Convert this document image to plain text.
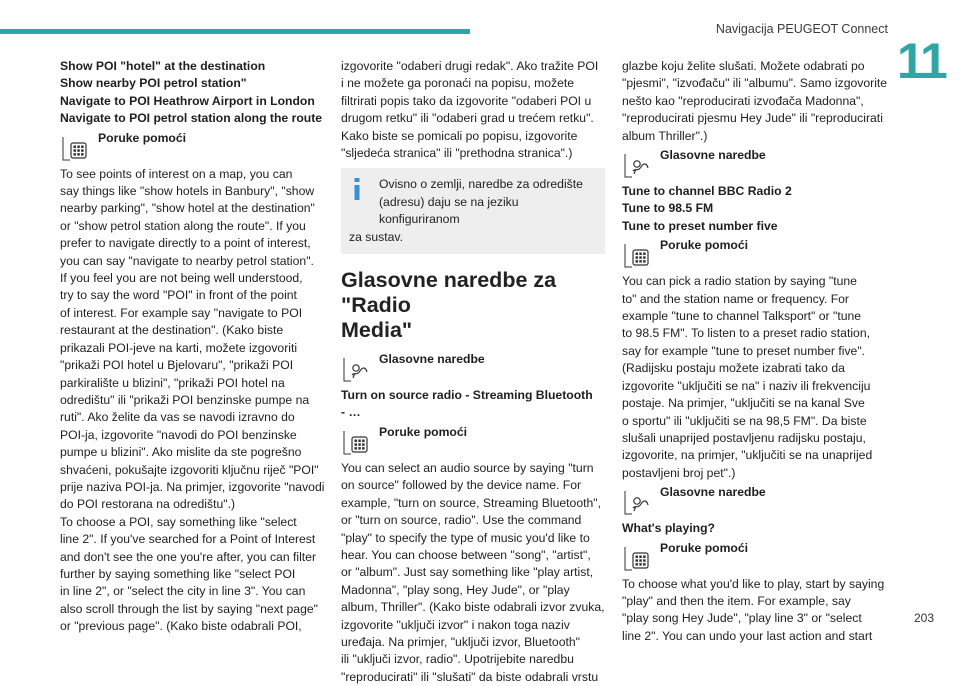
Navigacija PEUGEOT Connect
11
203

Show POI "hotel" at the destination

Show nearby POI petrol station"

Navigate to POI Heathrow Airport in London

Navigate to POI petrol station along the route

Poruke pomoći

To see points of interest on a map, you can

say things like "show hotels in Banbury", "show

nearby parking", "show hotel at the destination"

or "show petrol station along the route". If you

prefer to navigate directly to a point of interest,

you can say "navigate to nearby petrol station".

If you feel you are not being well understood,

try to say the word "POI" in front of the point

of interest. For example say "navigate to POI

restaurant at the destination". (Kako biste

prikazali POI-jeve na karti, možete izgovoriti

"prikaži POI hotel u Bjelovaru", "prikaži POI

parkiralište u blizini", "prikaži POI hotel na

odredištu" ili "prikaži POI benzinske pumpe na

ruti". Ako želite da vas se navodi izravno do

POI-ja, izgovorite "navodi do POI benzinske

pumpe u blizini". Ako mislite da ste pogrešno

shvaćeni, pokušajte izgovoriti ključnu riječ "POI"

prije naziva POI-ja. Na primjer, izgovorite "navodi

do POI restorana na odredištu".)

To choose a POI, say something like "select

line 2". If you've searched for a Point of Interest

and don't see the one you're after, you can filter

further by saying something like "select POI

in line 2", or "select the city in line 3". You can

also scroll through the list by saying "next page"

or "previous page". (Kako biste odabrali POI,

izgovorite "odaberi drugi redak". Ako tražite POI

i ne možete ga poronaći na popisu, možete

filtrirati popis tako da izgovorite "odaberi POI u

drugom retku" ili "odaberi grad u trećem retku".

Kako biste se pomicali po popisu, izgovorite

"sljedeća stranica" ili "prethodna stranica".)

Ovisno o zemlji, naredbe za odredište

(adresu) daju se na jeziku konfiguriranom

za sustav.

Glasovne naredbe za "Radio
Media"
Glasovne naredbe

Turn on source radio - Streaming Bluetooth

- …

Poruke pomoći

You can select an audio source by saying "turn

on source" followed by the device name. For

example, "turn on source, Streaming Bluetooth",

or "turn on source, radio". Use the command

"play" to specify the type of music you'd like to

hear. You can choose between "song", "artist",

or "album". Just say something like "play artist,

Madonna", "play song, Hey Jude", or "play

album, Thriller". (Kako biste odabrali izvor zvuka,

izgovorite "uključi izvor" i nakon toga naziv

uređaja. Na primjer, "uključi izvor, Bluetooth"

ili "uključi izvor, radio". Upotrijebite naredbu

"reproducirati" ili "slušati" da biste odabrali vrstu

glazbe koju želite slušati. Možete odabrati po

"pjesmi", "izvođaču" ili "albumu". Samo izgovorite

nešto kao "reproducirati izvođača Madonna",

"reproducirati pjesmu Hey Jude" ili "reproducirati

album Thriller".)

Glasovne naredbe

Tune to channel BBC Radio 2

Tune to 98.5 FM

Tune to preset number five

Poruke pomoći

You can pick a radio station by saying "tune

to" and the station name or frequency. For

example "tune to channel Talksport" or "tune

to 98.5 FM". To listen to a preset radio station,

say for example "tune to preset number five".

(Radijsku postaju možete izabrati tako da

izgovorite "uključiti se na" i naziv ili frekvenciju

postaje. Na primjer, "uključiti se na kanal Sve

o sportu" ili "uključiti se na 98,5 FM". Da biste

slušali unaprijed postavljenu radijsku postaju,

izgovorite, na primjer, "uključiti se na unaprijed

postavljeni broj pet".)

Glasovne naredbe

What's playing?

Poruke pomoći

To choose what you'd like to play, start by saying

"play" and then the item. For example, say

"play song Hey Jude", "play line 3" or "select

line 2". You can undo your last action and start
